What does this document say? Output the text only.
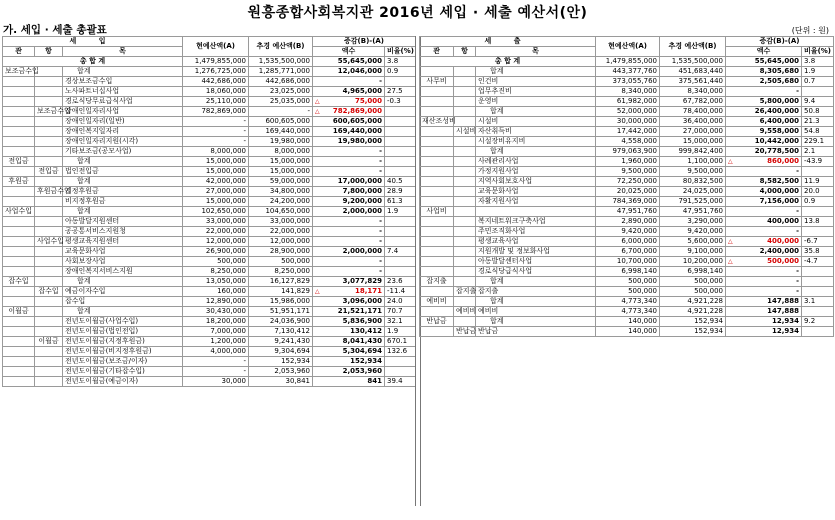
원흥종합사회복지관 2016년 세입 · 세출 예산서(안)
가. 세입 · 세출 총괄표	(단위 : 원)
세 입			현예산액(A)	추경 예산액(B)	증감(B)-(A)	
관	항	목			액수	비율(%)
총 합 계			1,479,855,000	1,535,500,000	55,645,000	3.8
보조금수입		합계	1,276,725,000	1,285,771,000	12,046,000	0.9
		경상보조금수입	442,686,000	442,686,000	-	
		노사파트너십사업	18,060,000	23,025,000	4,965,000	27.5
		경로식당무료급식사업	25,110,000	25,035,000	△ 75,000	-0.3
	보조금수입	장애인일자리사업	782,869,000	-	△ 782,869,000	
		장애인일자리(일반)	-	600,605,000	600,605,000	
		장애인복지일자리	-	169,440,000	169,440,000	
		장애인일자리지원(시각)	-	19,980,000	19,980,000	
		기타보조금(공모사업)	8,000,000	8,000,000	-	
전입금		합계	15,000,000	15,000,000	-	
	전입금	법인전입금	15,000,000	15,000,000	-	
후원금		합계	42,000,000	59,000,000	17,000,000	40.5
	후원금수입	지정후원금	27,000,000	34,800,000	7,800,000	28.9
		비지정후원금	15,000,000	24,200,000	9,200,000	61.3
사업수입		합계	102,650,000	104,650,000	2,000,000	1.9
		아동발달지원센터	33,000,000	33,000,000	-	
		공공통서비스지원청	22,000,000	22,000,000	-	
	사업수입	평생교육지원센터	12,000,000	12,000,000	-	
		교육문화사업	26,900,000	28,900,000	2,000,000	7.4
		사회보장사업	500,000	500,000	-	
		장애인복지서비스지원	8,250,000	8,250,000	-	
잡수입		합계	13,050,000	16,127,829	3,077,829	23.6
	잡수입	예금이자수입	160,000	141,829	△ 18,171	-11.4
		잡수입	12,890,000	15,986,000	3,096,000	24.0
이월금		합계	30,430,000	51,951,171	21,521,171	70.7
		전년도이월금(사업수입)	18,200,000	24,036,900	5,836,900	32.1
		전년도이월금(법인전입)	7,000,000	7,130,412	130,412	1.9
	이월금	전년도이월금(지정후원금)	1,200,000	9,241,430	8,041,430	670.1
		전년도이월금(비지정후원금)	4,000,000	9,304,694	5,304,694	132.6
		전년도이월금(보조금/이자)	-	152,934	152,934	
		전년도이월금(기타잡수입)	-	2,053,960	2,053,960	
		전년도이월금(예금이자)	30,000	30,841	841	39.4
세 출			현예산액(A)	추경 예산액(B)	증감(B)-(A)	
관	항	목			액수	비율(%)
총 합 계			1,479,855,000	1,535,500,000	55,645,000	3.8
		합계	443,377,760	451,683,440	8,305,680	1.9
사무비		인건비	373,055,760	375,561,440	2,505,680	0.7
		업무추진비	8,340,000	8,340,000	-	
		운영비	61,982,000	67,782,000	5,800,000	9.4
		합계	52,000,000	78,400,000	26,400,000	50.8
재산조성비		시설비	30,000,000	36,400,000	6,400,000	21.3
	시설비	자산취득비	17,442,000	27,000,000	9,558,000	54.8
		시설장비유지비	4,558,000	15,000,000	10,442,000	229.1
		합계	979,063,900	999,842,400	20,778,500	2.1
		사례관리사업	1,960,000	1,100,000	△ 860,000	-43.9
		가정지원사업	9,500,000	9,500,000	-	
		지역사회보호사업	72,250,000	80,832,500	8,582,500	11.9
		교육문화사업	20,025,000	24,025,000	4,000,000	20.0
		자활지원사업	784,369,000	791,525,000	7,156,000	0.9
사업비			47,951,760	47,951,760	-	
		복지네트워크구축사업	2,890,000	3,290,000	400,000	13.8
		주민조직화사업	9,420,000	9,420,000	-	
		평생교육사업	6,000,000	5,600,000	△ 400,000	-6.7
		지원개발 및 정보화사업	6,700,000	9,100,000	2,400,000	35.8
		아동발달센터사업	10,700,000	10,200,000	△ 500,000	-4.7
		경로식당급식사업	6,998,140	6,998,140	-	
잡지출		합계	500,000	500,000	-	
	잡지출	잡지출	500,000	500,000	-	
예비비		합계	4,773,340	4,921,228	147,888	3.1
	예비비	예비비	4,773,340	4,921,228	147,888	
반납금		합계	140,000	152,934	12,934	9.2
	반납금	반납금	140,000	152,934	12,934	
